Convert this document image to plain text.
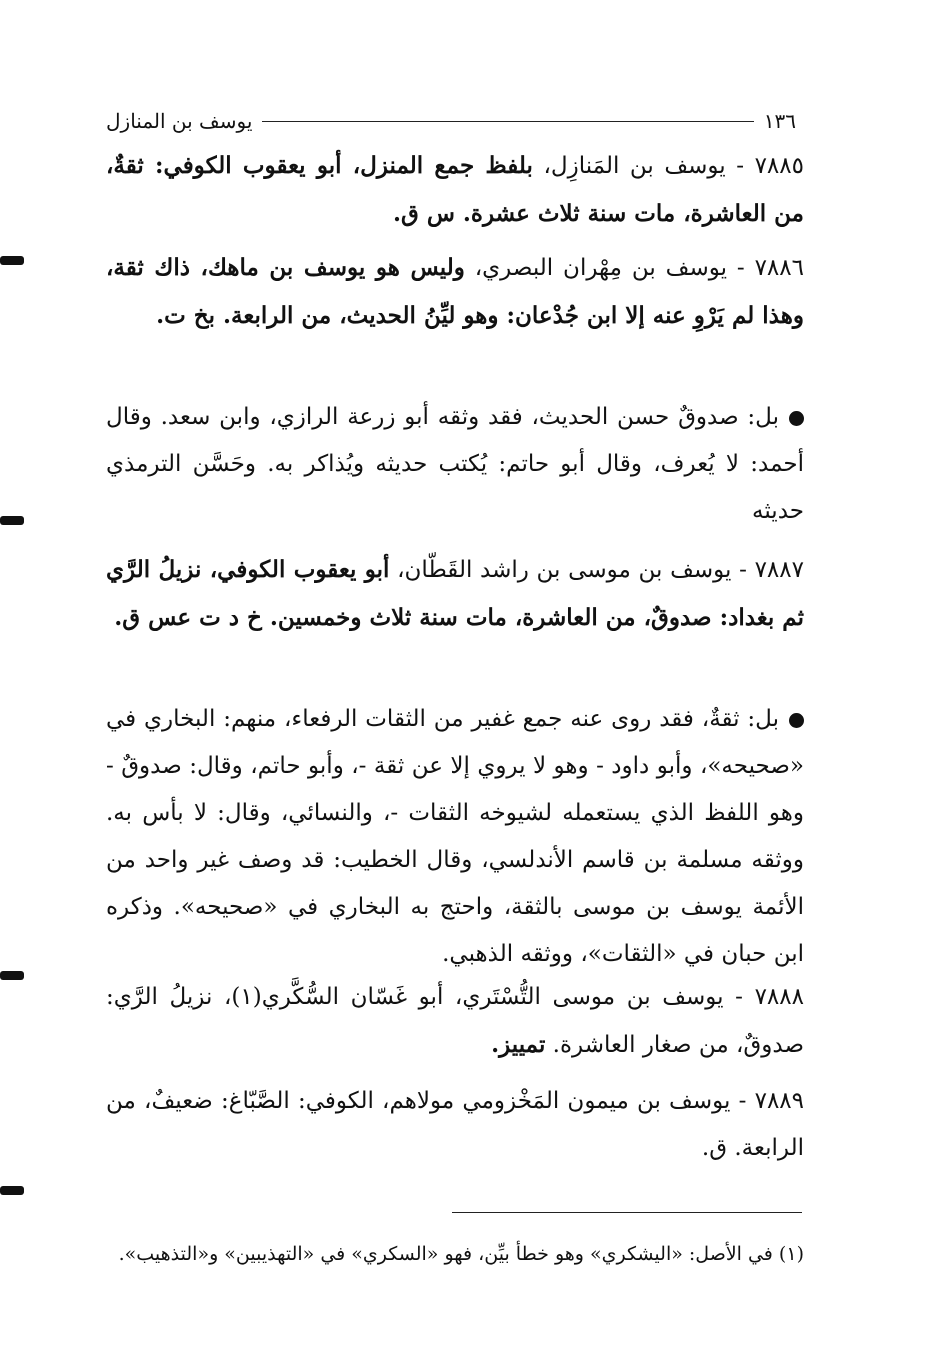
١٣٦
يوسف بن المنازل
٧٨٨٥ - يوسف بن المَنازِل، بلفظ جمع المنزل، أبو يعقوب الكوفي: ثقةٌ، من العاشرة، مات سنة ثلاث عشرة. س ق.
٧٨٨٦ - يوسف بن مِهْران البصري، وليس هو يوسف بن ماهك، ذاك ثقة، وهذا لم يَرْوِ عنه إلا ابن جُدْعان: وهو ليِّنُ الحديث، من الرابعة. بخ ت.
بل: صدوقٌ حسن الحديث، فقد وثقه أبو زرعة الرازي، وابن سعد. وقال أحمد: لا يُعرف، وقال أبو حاتم: يُكتب حديثه ويُذاكر به. وحَسَّن الترمذي حديثه
٧٨٨٧ - يوسف بن موسى بن راشد القَطّان، أبو يعقوب الكوفي، نزيلُ الرَّي ثم بغداد: صدوقٌ، من العاشرة، مات سنة ثلاث وخمسين. خ د ت عس ق.
بل: ثقةٌ، فقد روى عنه جمع غفير من الثقات الرفعاء، منهم: البخاري في «صحيحه»، وأبو داود - وهو لا يروي إلا عن ثقة -، وأبو حاتم، وقال: صدوقٌ - وهو اللفظ الذي يستعمله لشيوخه الثقات -، والنسائي، وقال: لا بأس به. ووثقه مسلمة بن قاسم الأندلسي، وقال الخطيب: قد وصف غير واحد من الأئمة يوسف بن موسى بالثقة، واحتج به البخاري في «صحيحه». وذكره ابن حبان في «الثقات»، ووثقه الذهبي.
٧٨٨٨ - يوسف بن موسى التُّسْتَري، أبو غَسّان السُّكَّري(١)، نزيلُ الرَّي: صدوقٌ، من صغار العاشرة. تمييز.
٧٨٨٩ - يوسف بن ميمون المَخْزومي مولاهم، الكوفي: الصَّبّاغ: ضعيفٌ، من الرابعة. ق.
(١) في الأصل: «اليشكري» وهو خطأ بيِّن، فهو «السكري» في «التهذيبين» و«التذهيب».
